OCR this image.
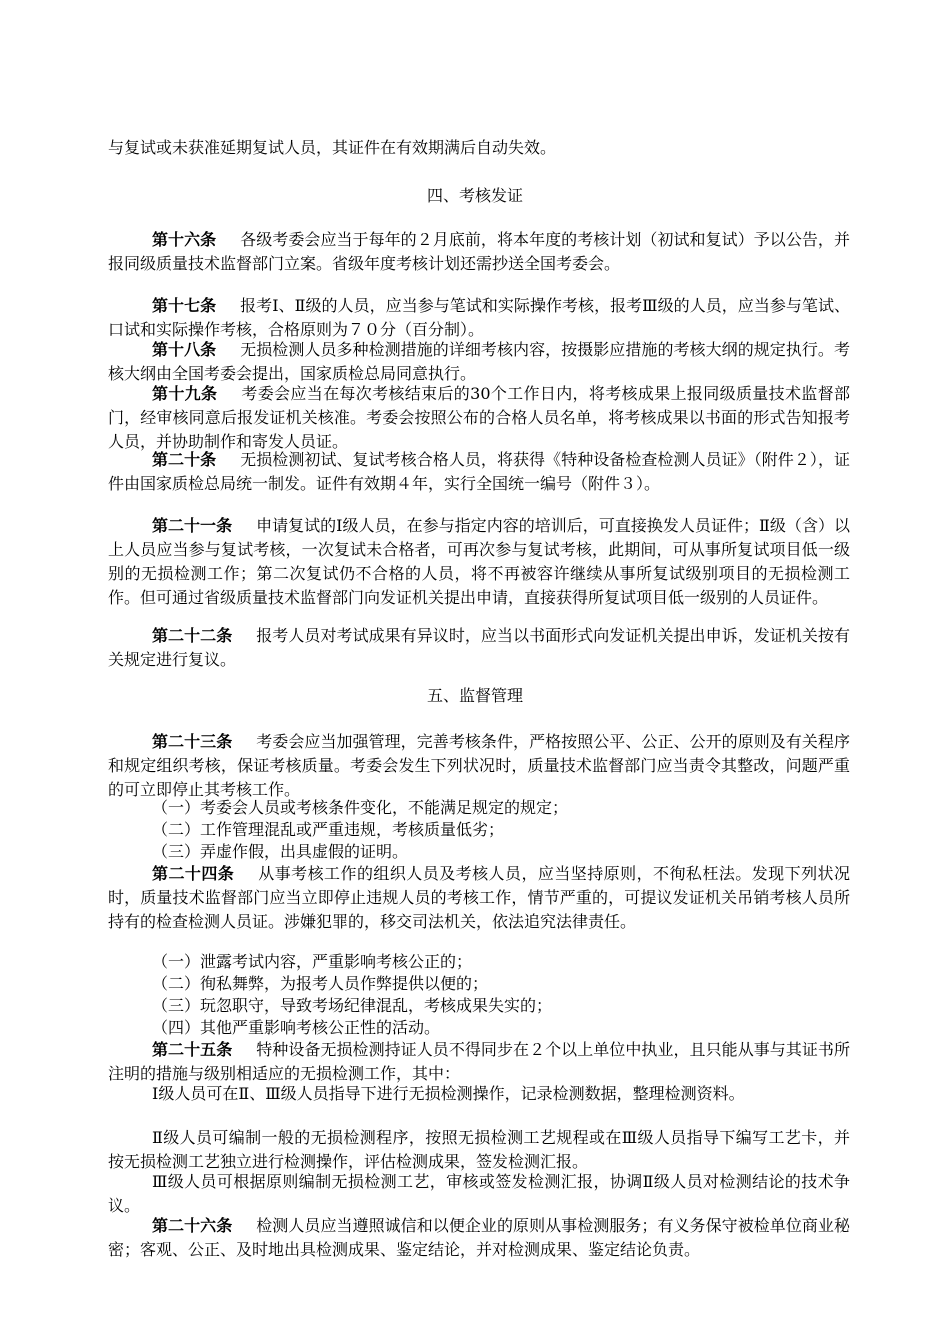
与复试或未获准延期复试人员，其证件在有效期满后自动失效。

四、考核发证

第十六条 各级考委会应当于每年的２月底前，将本年度的考核计划（初试和复试）予以公告，并报同级质量技术监督部门立案。省级年度考核计划还需抄送全国考委会。

第十七条 报考Ⅰ、Ⅱ级的人员，应当参与笔试和实际操作考核，报考Ⅲ级的人员，应当参与笔试、口试和实际操作考核，合格原则为７０分（百分制）。

第十八条 无损检测人员多种检测措施的详细考核内容，按摄影应措施的考核大纲的规定执行。考核大纲由全国考委会提出，国家质检总局同意执行。

第十九条 考委会应当在每次考核结束后的30个工作日内，将考核成果上报同级质量技术监督部门，经审核同意后报发证机关核准。考委会按照公布的合格人员名单，将考核成果以书面的形式告知报考人员，并协助制作和寄发人员证。

第二十条 无损检测初试、复试考核合格人员，将获得《特种设备检查检测人员证》（附件２），证件由国家质检总局统一制发。证件有效期４年，实行全国统一编号（附件３）。

第二十一条 申请复试的Ⅰ级人员，在参与指定内容的培训后，可直接换发人员证件；Ⅱ级（含）以上人员应当参与复试考核，一次复试未合格者，可再次参与复试考核，此期间，可从事所复试项目低一级别的无损检测工作；第二次复试仍不合格的人员，将不再被容许继续从事所复试级别项目的无损检测工作。但可通过省级质量技术监督部门向发证机关提出申请，直接获得所复试项目低一级别的人员证件。

第二十二条 报考人员对考试成果有异议时，应当以书面形式向发证机关提出申诉，发证机关按有关规定进行复议。

五、监督管理

第二十三条 考委会应当加强管理，完善考核条件，严格按照公平、公正、公开的原则及有关程序和规定组织考核，保证考核质量。考委会发生下列状况时，质量技术监督部门应当责令其整改，问题严重的可立即停止其考核工作。

（一）考委会人员或考核条件变化，不能满足规定的规定；

（二）工作管理混乱或严重违规，考核质量低劣；

（三）弄虚作假，出具虚假的证明。

第二十四条 从事考核工作的组织人员及考核人员，应当坚持原则，不徇私枉法。发现下列状况时，质量技术监督部门应当立即停止违规人员的考核工作，情节严重的，可提议发证机关吊销考核人员所持有的检查检测人员证。涉嫌犯罪的，移交司法机关，依法追究法律责任。

（一）泄露考试内容，严重影响考核公正的；

（二）徇私舞弊，为报考人员作弊提供以便的；

（三）玩忽职守，导致考场纪律混乱，考核成果失实的；

（四）其他严重影响考核公正性的活动。

第二十五条 特种设备无损检测持证人员不得同步在２个以上单位中执业，且只能从事与其证书所注明的措施与级别相适应的无损检测工作，其中：

Ⅰ级人员可在Ⅱ、Ⅲ级人员指导下进行无损检测操作，记录检测数据，整理检测资料。

Ⅱ级人员可编制一般的无损检测程序，按照无损检测工艺规程或在Ⅲ级人员指导下编写工艺卡，并按无损检测工艺独立进行检测操作，评估检测成果，签发检测汇报。

Ⅲ级人员可根据原则编制无损检测工艺，审核或签发检测汇报，协调Ⅱ级人员对检测结论的技术争议。

第二十六条 检测人员应当遵照诚信和以便企业的原则从事检测服务；有义务保守被检单位商业秘密；客观、公正、及时地出具检测成果、鉴定结论，并对检测成果、鉴定结论负责。
